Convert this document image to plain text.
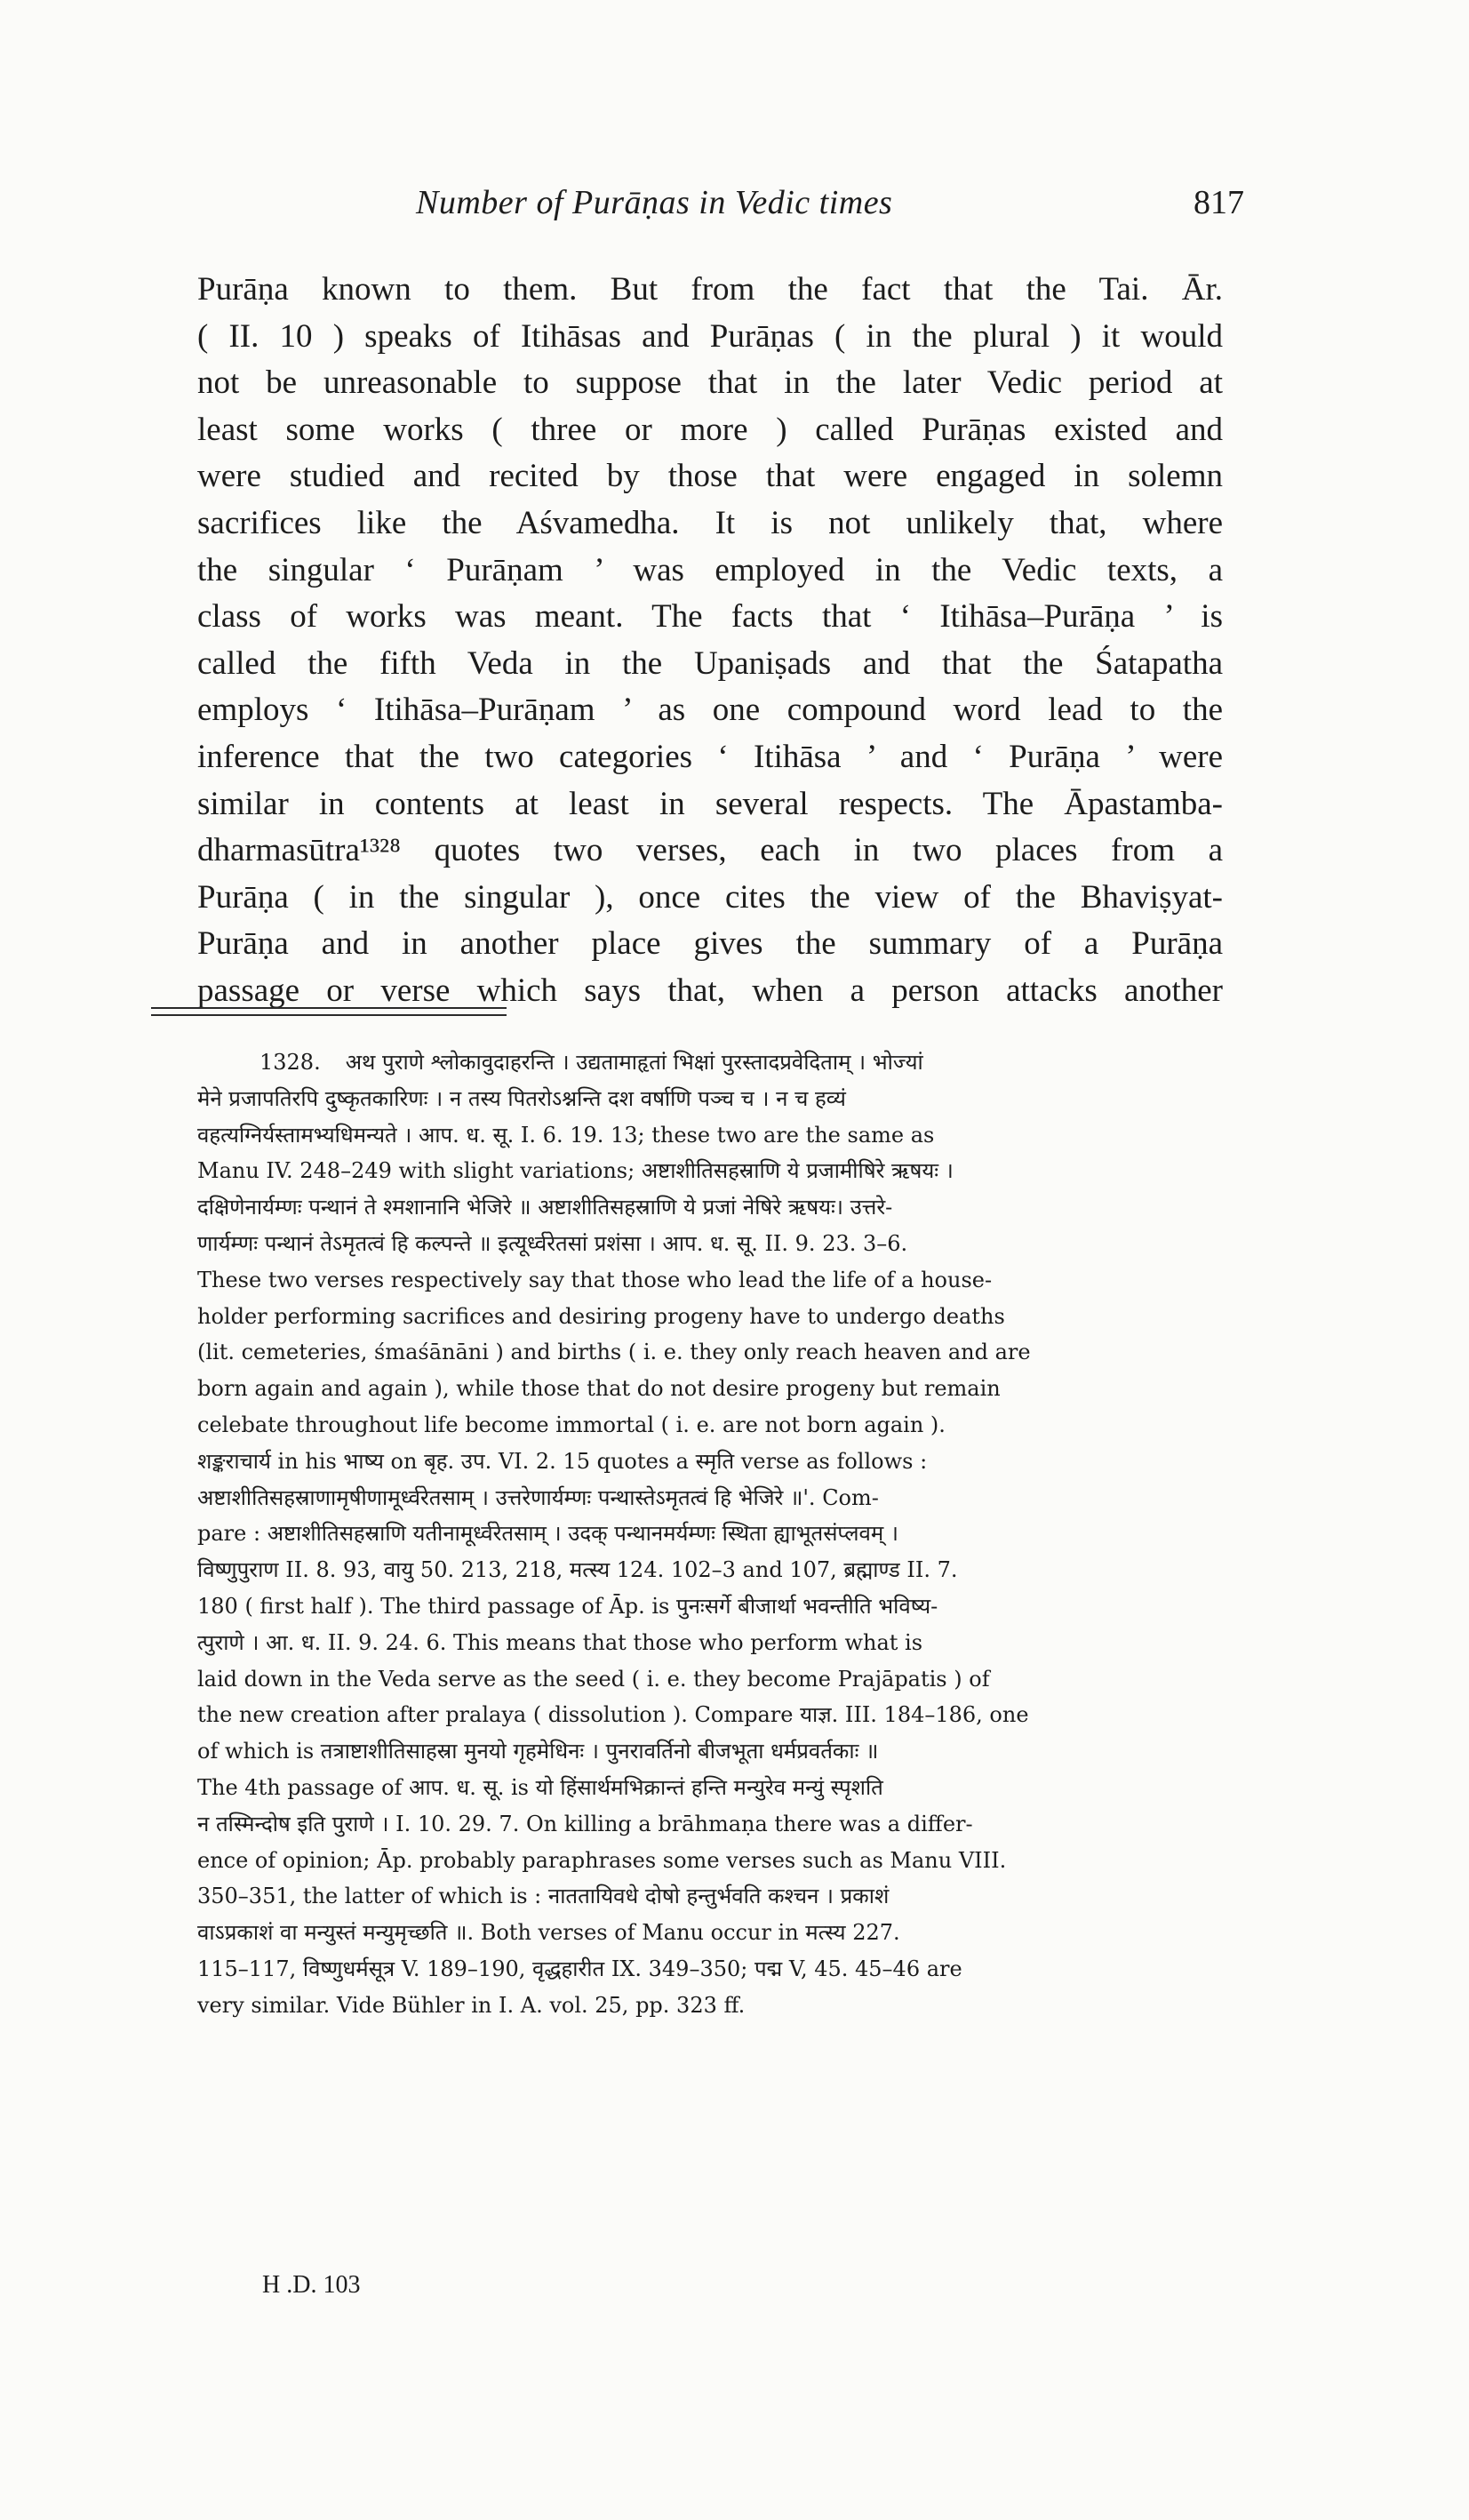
Number of Purāṇas in Vedic times	817
Purāṇa known to them. But from the fact that the Tai. Ār.
( II. 10 ) speaks of Itihāsas and Purāṇas ( in the plural ) it would
not be unreasonable to suppose that in the later Vedic period at
least some works ( three or more ) called Purāṇas existed and
were studied and recited by those that were engaged in solemn
sacrifices like the Aśvamedha. It is not unlikely that, where
the singular ‘ Purāṇam ’ was employed in the Vedic texts, a
class of works was meant. The facts that ‘ Itihāsa–Purāṇa ’ is
called the fifth Veda in the Upaniṣads and that the Śatapatha
employs ‘ Itihāsa–Purāṇam ’ as one compound word lead to the
inference that the two categories ‘ Itihāsa ’ and ‘ Purāṇa ’ were
similar in contents at least in several respects. The Āpastamba-
dharmasūtra¹³²⁸ quotes two verses, each in two places from a
Purāṇa ( in the singular ), once cites the view of the Bhaviṣyat-
Purāṇa and in another place gives the summary of a Purāṇa
passage or verse which says that, when a person attacks another
1328. अथ पुराणे श्लोकावुदाहरन्ति । उद्यतामाहृतां भिक्षां पुरस्तादप्रवेदिताम् । भोज्यां
मेने प्रजापतिरपि दुष्कृतकारिणः । न तस्य पितरोऽश्नन्ति दश वर्षाणि पञ्च च । न च हव्यं
वहत्यग्निर्यस्तामभ्यधिमन्यते । आप. ध. सू. I. 6. 19. 13; these two are the same as
Manu IV. 248–249 with slight variations; अष्टाशीतिसहस्राणि ये प्रजामीषिरे ऋषयः ।
दक्षिणेनार्यम्णः पन्थानं ते श्मशानानि भेजिरे ॥ अष्टाशीतिसहस्राणि ये प्रजां नेषिरे ऋषयः। उत्तरे-
णार्यम्णः पन्थानं तेऽमृतत्वं हि कल्पन्ते ॥ इत्यूर्ध्वरेतसां प्रशंसा । आप. ध. सू. II. 9. 23. 3–6.
These two verses respectively say that those who lead the life of a house-
holder performing sacrifices and desiring progeny have to undergo deaths
(lit. cemeteries, śmaśānāni ) and births ( i. e. they only reach heaven and are
born again and again ), while those that do not desire progeny but remain
celebate throughout life become immortal ( i. e. are not born again ).
शङ्कराचार्य in his भाष्य on बृह. उप. VI. 2. 15 quotes a स्मृति verse as follows :
अष्टाशीतिसहस्राणामृषीणामूर्ध्वरेतसाम् । उत्तरेणार्यम्णः पन्थास्तेऽमृतत्वं हि भेजिरे ॥'. Com-
pare : अष्टाशीतिसहस्राणि यतीनामूर्ध्वरेतसाम् । उदक् पन्थानमर्यम्णः स्थिता ह्याभूतसंप्लवम् ।
विष्णुपुराण II. 8. 93, वायु 50. 213, 218, मत्स्य 124. 102–3 and 107, ब्रह्माण्ड II. 7.
180 ( first half ). The third passage of Āp. is पुनःसर्गे बीजार्था भवन्तीति भविष्य-
त्पुराणे । आ. ध. II. 9. 24. 6. This means that those who perform what is
laid down in the Veda serve as the seed ( i. e. they become Prajāpatis ) of
the new creation after pralaya ( dissolution ). Compare याज्ञ. III. 184–186, one
of which is तत्राष्टाशीतिसाहस्रा मुनयो गृहमेधिनः । पुनरावर्तिनो बीजभूता धर्मप्रवर्तकाः ॥
The 4th passage of आप. ध. सू. is यो हिंसार्थमभिक्रान्तं हन्ति मन्युरेव मन्युं स्पृशति
न तस्मिन्दोष इति पुराणे । I. 10. 29. 7. On killing a brāhmaṇa there was a differ-
ence of opinion; Āp. probably paraphrases some verses such as Manu VIII.
350–351, the latter of which is : नाततायिवधे दोषो हन्तुर्भवति कश्चन । प्रकाशं
वाऽप्रकाशं वा मन्युस्तं मन्युमृच्छति ॥. Both verses of Manu occur in मत्स्य 227.
115–117, विष्णुधर्मसूत्र V. 189–190, वृद्धहारीत IX. 349–350; पद्म V, 45. 45–46 are
very similar. Vide Bühler in I. A. vol. 25, pp. 323 ff.
H .D. 103
